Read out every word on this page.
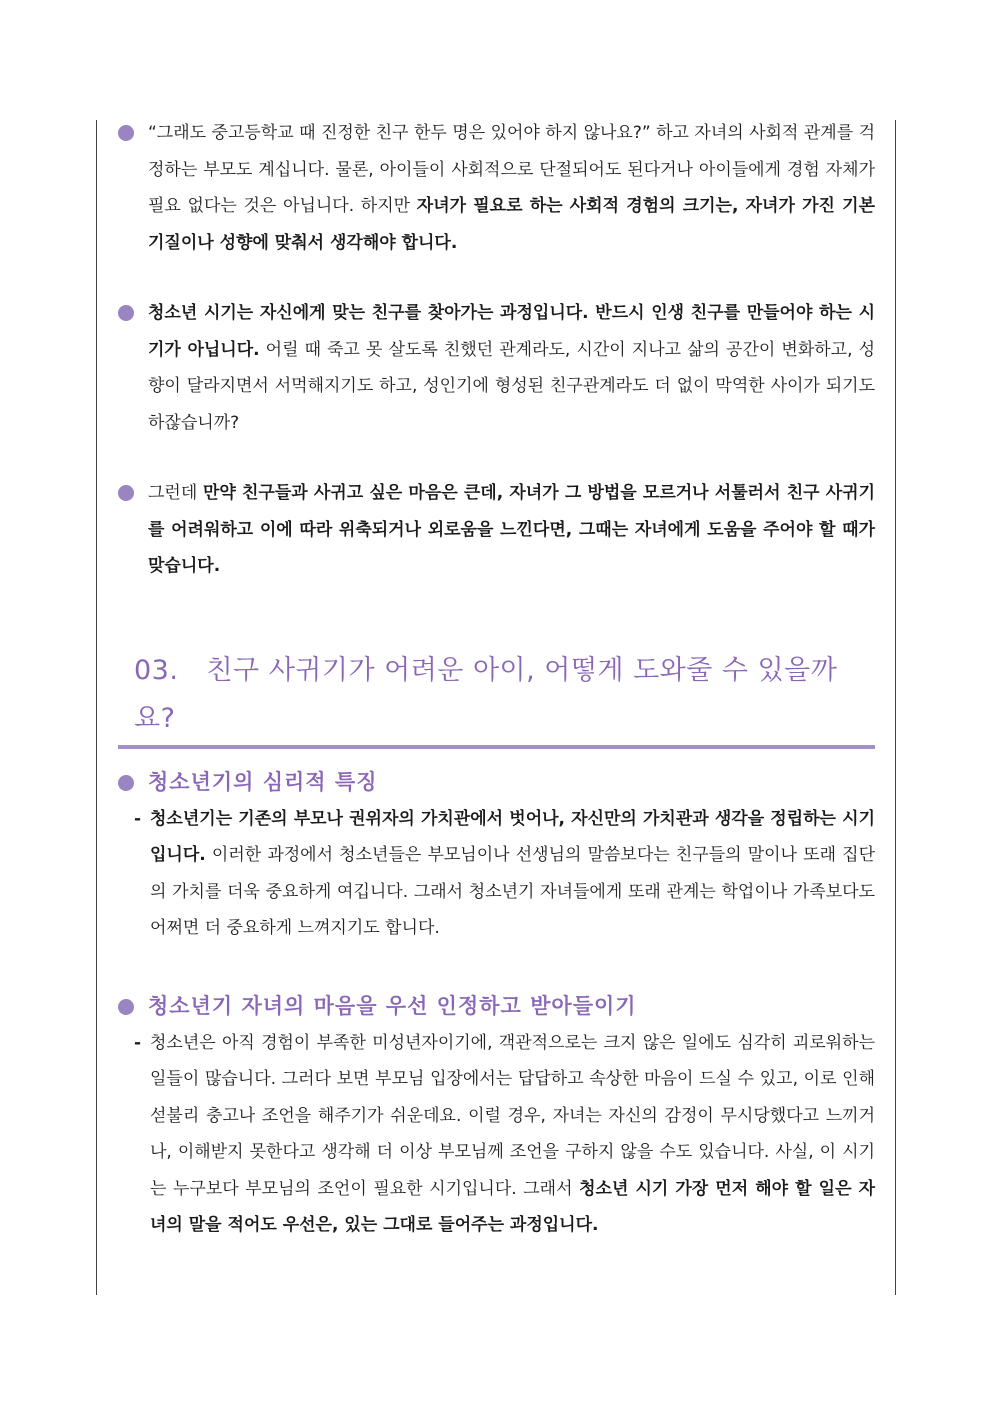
“그래도 중고등학교 때 진정한 친구 한두 명은 있어야 하지 않나요?” 하고 자녀의 사회적 관계를 걱정하는 부모도 계십니다. 물론, 아이들이 사회적으로 단절되어도 된다거나 아이들에게 경험 자체가 필요 없다는 것은 아닙니다. 하지만 자녀가 필요로 하는 사회적 경험의 크기는, 자녀가 가진 기본 기질이나 성향에 맞춰서 생각해야 합니다.
청소년 시기는 자신에게 맞는 친구를 찾아가는 과정입니다. 반드시 인생 친구를 만들어야 하는 시기가 아닙니다. 어릴 때 죽고 못 살도록 친했던 관계라도, 시간이 지나고 삶의 공간이 변화하고, 성향이 달라지면서 서먹해지기도 하고, 성인기에 형성된 친구관계라도 더 없이 막역한 사이가 되기도 하잖습니까?
그런데 만약 친구들과 사귀고 싶은 마음은 큰데, 자녀가 그 방법을 모르거나 서툴러서 친구 사귀기를 어려워하고 이에 따라 위축되거나 외로움을 느낀다면, 그때는 자녀에게 도움을 주어야 할 때가 맞습니다.
03. 친구 사귀기가 어려운 아이, 어떻게 도와줄 수 있을까요?
청소년기의 심리적 특징
- 청소년기는 기존의 부모나 권위자의 가치관에서 벗어나, 자신만의 가치관과 생각을 정립하는 시기입니다. 이러한 과정에서 청소년들은 부모님이나 선생님의 말씀보다는 친구들의 말이나 또래 집단의 가치를 더욱 중요하게 여깁니다. 그래서 청소년기 자녀들에게 또래 관계는 학업이나 가족보다도 어쩌면 더 중요하게 느껴지기도 합니다.
청소년기 자녀의 마음을 우선 인정하고 받아들이기
- 청소년은 아직 경험이 부족한 미성년자이기에, 객관적으로는 크지 않은 일에도 심각히 괴로워하는 일들이 많습니다. 그러다 보면 부모님 입장에서는 답답하고 속상한 마음이 드실 수 있고, 이로 인해 섣불리 충고나 조언을 해주기가 쉬운데요. 이럴 경우, 자녀는 자신의 감정이 무시당했다고 느끼거나, 이해받지 못한다고 생각해 더 이상 부모님께 조언을 구하지 않을 수도 있습니다. 사실, 이 시기는 누구보다 부모님의 조언이 필요한 시기입니다. 그래서 청소년 시기 가장 먼저 해야 할 일은 자녀의 말을 적어도 우선은, 있는 그대로 들어주는 과정입니다.
